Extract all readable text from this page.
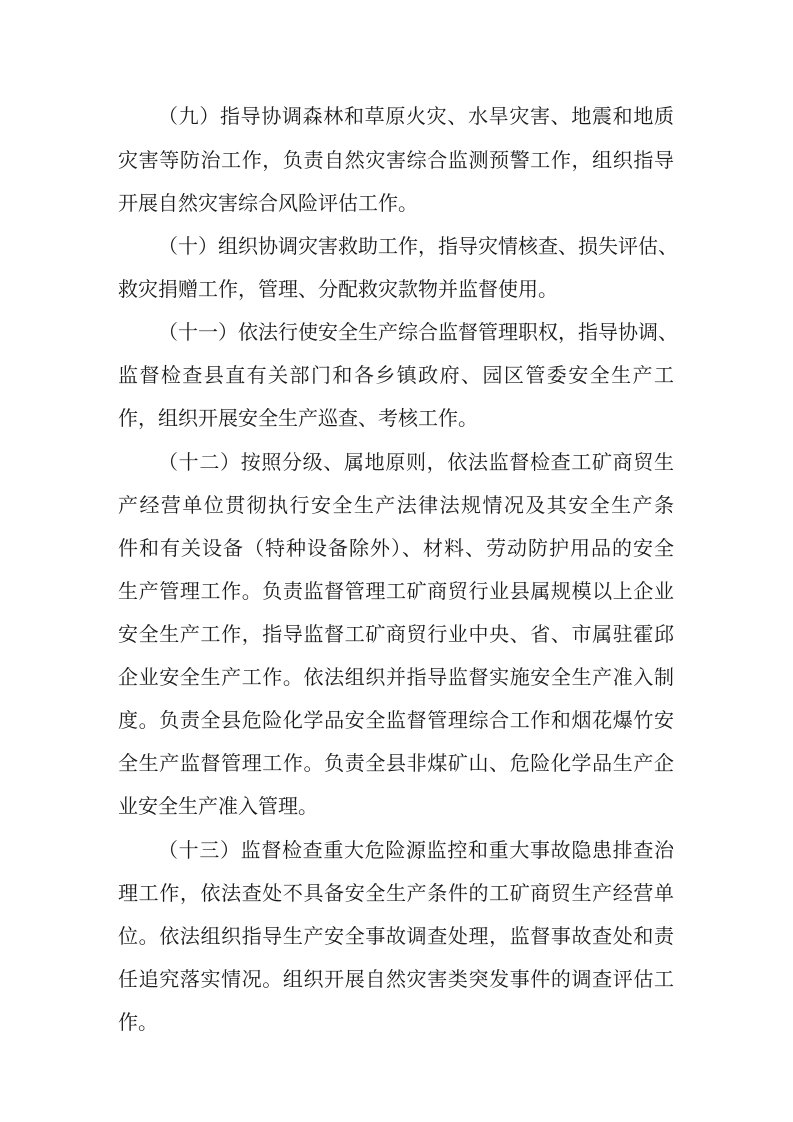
（九）指导协调森林和草原火灾、水旱灾害、地震和地质

灾害等防治工作，负责自然灾害综合监测预警工作，组织指导

开展自然灾害综合风险评估工作。

（十）组织协调灾害救助工作，指导灾情核查、损失评估、

救灾捐赠工作，管理、分配救灾款物并监督使用。

（十一）依法行使安全生产综合监督管理职权，指导协调、

监督检查县直有关部门和各乡镇政府、园区管委安全生产工

作，组织开展安全生产巡查、考核工作。

（十二）按照分级、属地原则，依法监督检查工矿商贸生

产经营单位贯彻执行安全生产法律法规情况及其安全生产条

件和有关设备（特种设备除外）、材料、劳动防护用品的安全

生产管理工作。负责监督管理工矿商贸行业县属规模以上企业

安全生产工作，指导监督工矿商贸行业中央、省、市属驻霍邱

企业安全生产工作。依法组织并指导监督实施安全生产准入制

度。负责全县危险化学品安全监督管理综合工作和烟花爆竹安

全生产监督管理工作。负责全县非煤矿山、危险化学品生产企

业安全生产准入管理。

（十三）监督检查重大危险源监控和重大事故隐患排查治

理工作，依法查处不具备安全生产条件的工矿商贸生产经营单

位。依法组织指导生产安全事故调查处理，监督事故查处和责

任追究落实情况。组织开展自然灾害类突发事件的调查评估工

作。
